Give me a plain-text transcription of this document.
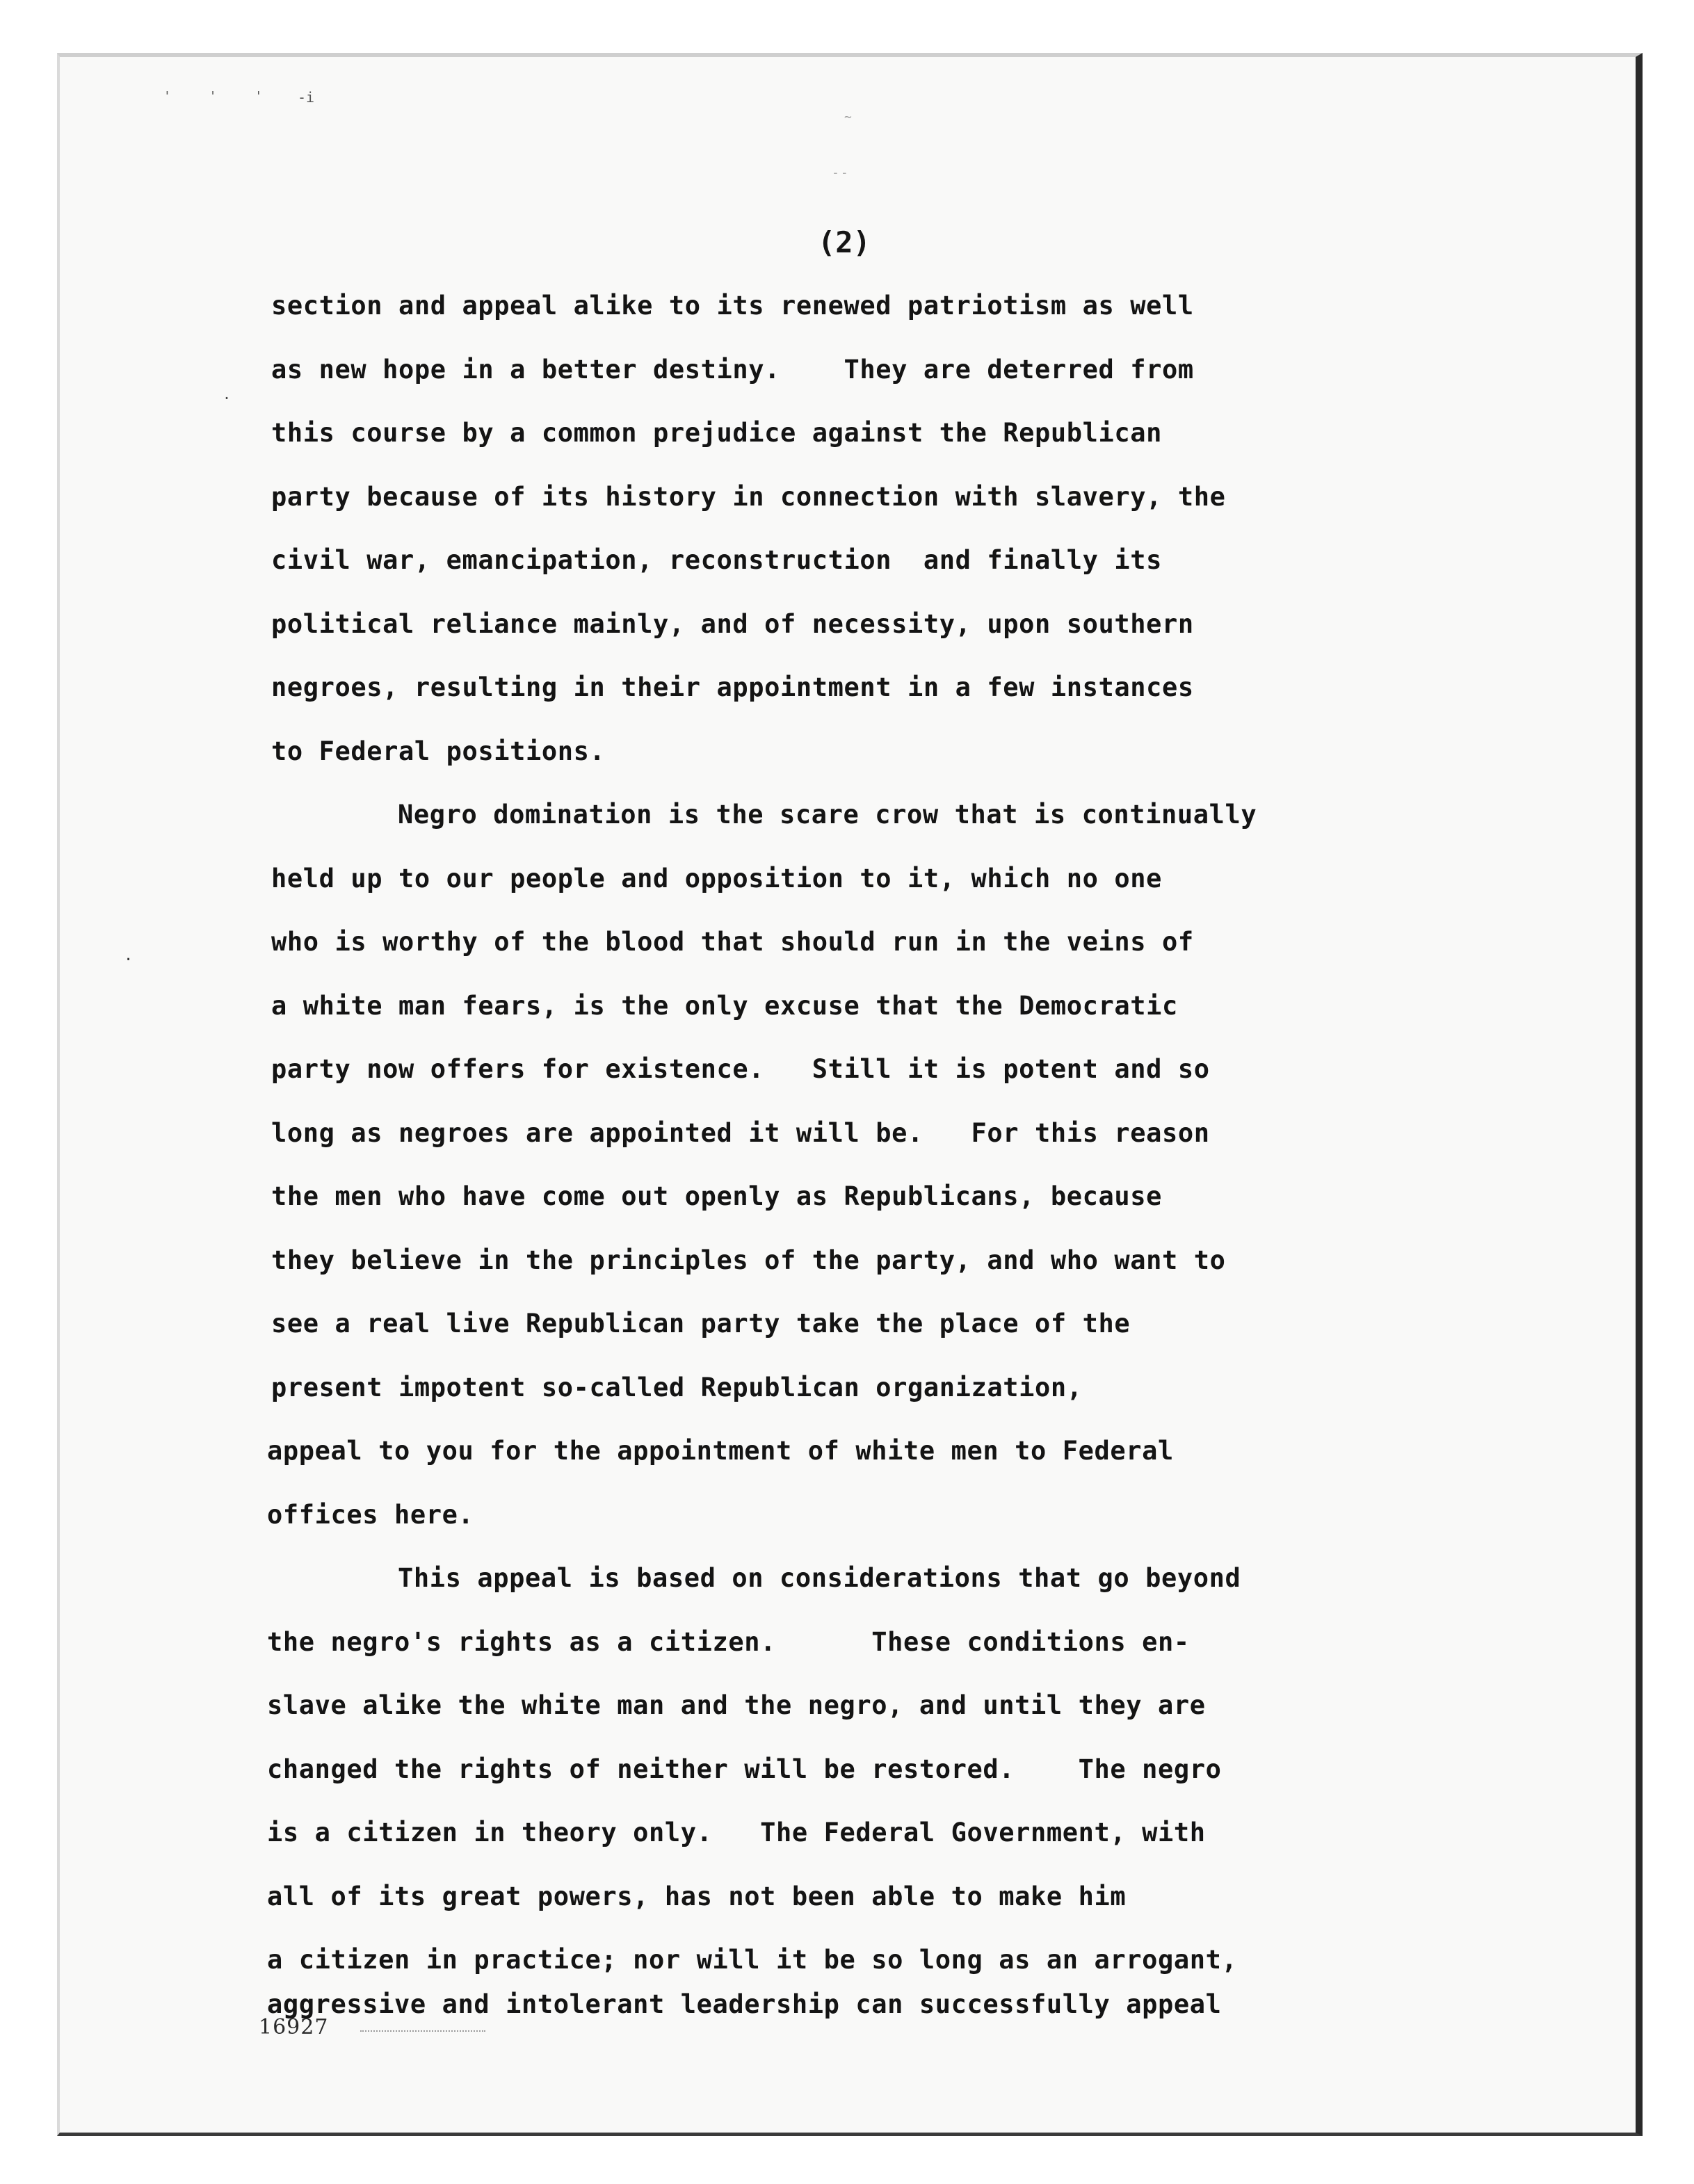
' ' ' -i
~
--
.
.

(2)

section and appeal alike to its renewed patriotism as well

as new hope in a better destiny.    They are deterred from

this course by a common prejudice against the Republican

party because of its history in connection with slavery, the

civil war, emancipation, reconstruction  and finally its

political reliance mainly, and of necessity, upon southern

negroes, resulting in their appointment in a few instances

to Federal positions.

Negro domination is the scare crow that is continually

held up to our people and opposition to it, which no one

who is worthy of the blood that should run in the veins of

a white man fears, is the only excuse that the Democratic

party now offers for existence.   Still it is potent and so

long as negroes are appointed it will be.   For this reason

the men who have come out openly as Republicans, because

they believe in the principles of the party, and who want to

see a real live Republican party take the place of the

present impotent so-called Republican organization,

appeal to you for the appointment of white men to Federal

offices here.

This appeal is based on considerations that go beyond

the negro's rights as a citizen.      These conditions en-

slave alike the white man and the negro, and until they are

changed the rights of neither will be restored.    The negro

is a citizen in theory only.   The Federal Government, with

all of its great powers, has not been able to make him

a citizen in practice; nor will it be so long as an arrogant,

aggressive and intolerant leadership can successfully appeal

16927
